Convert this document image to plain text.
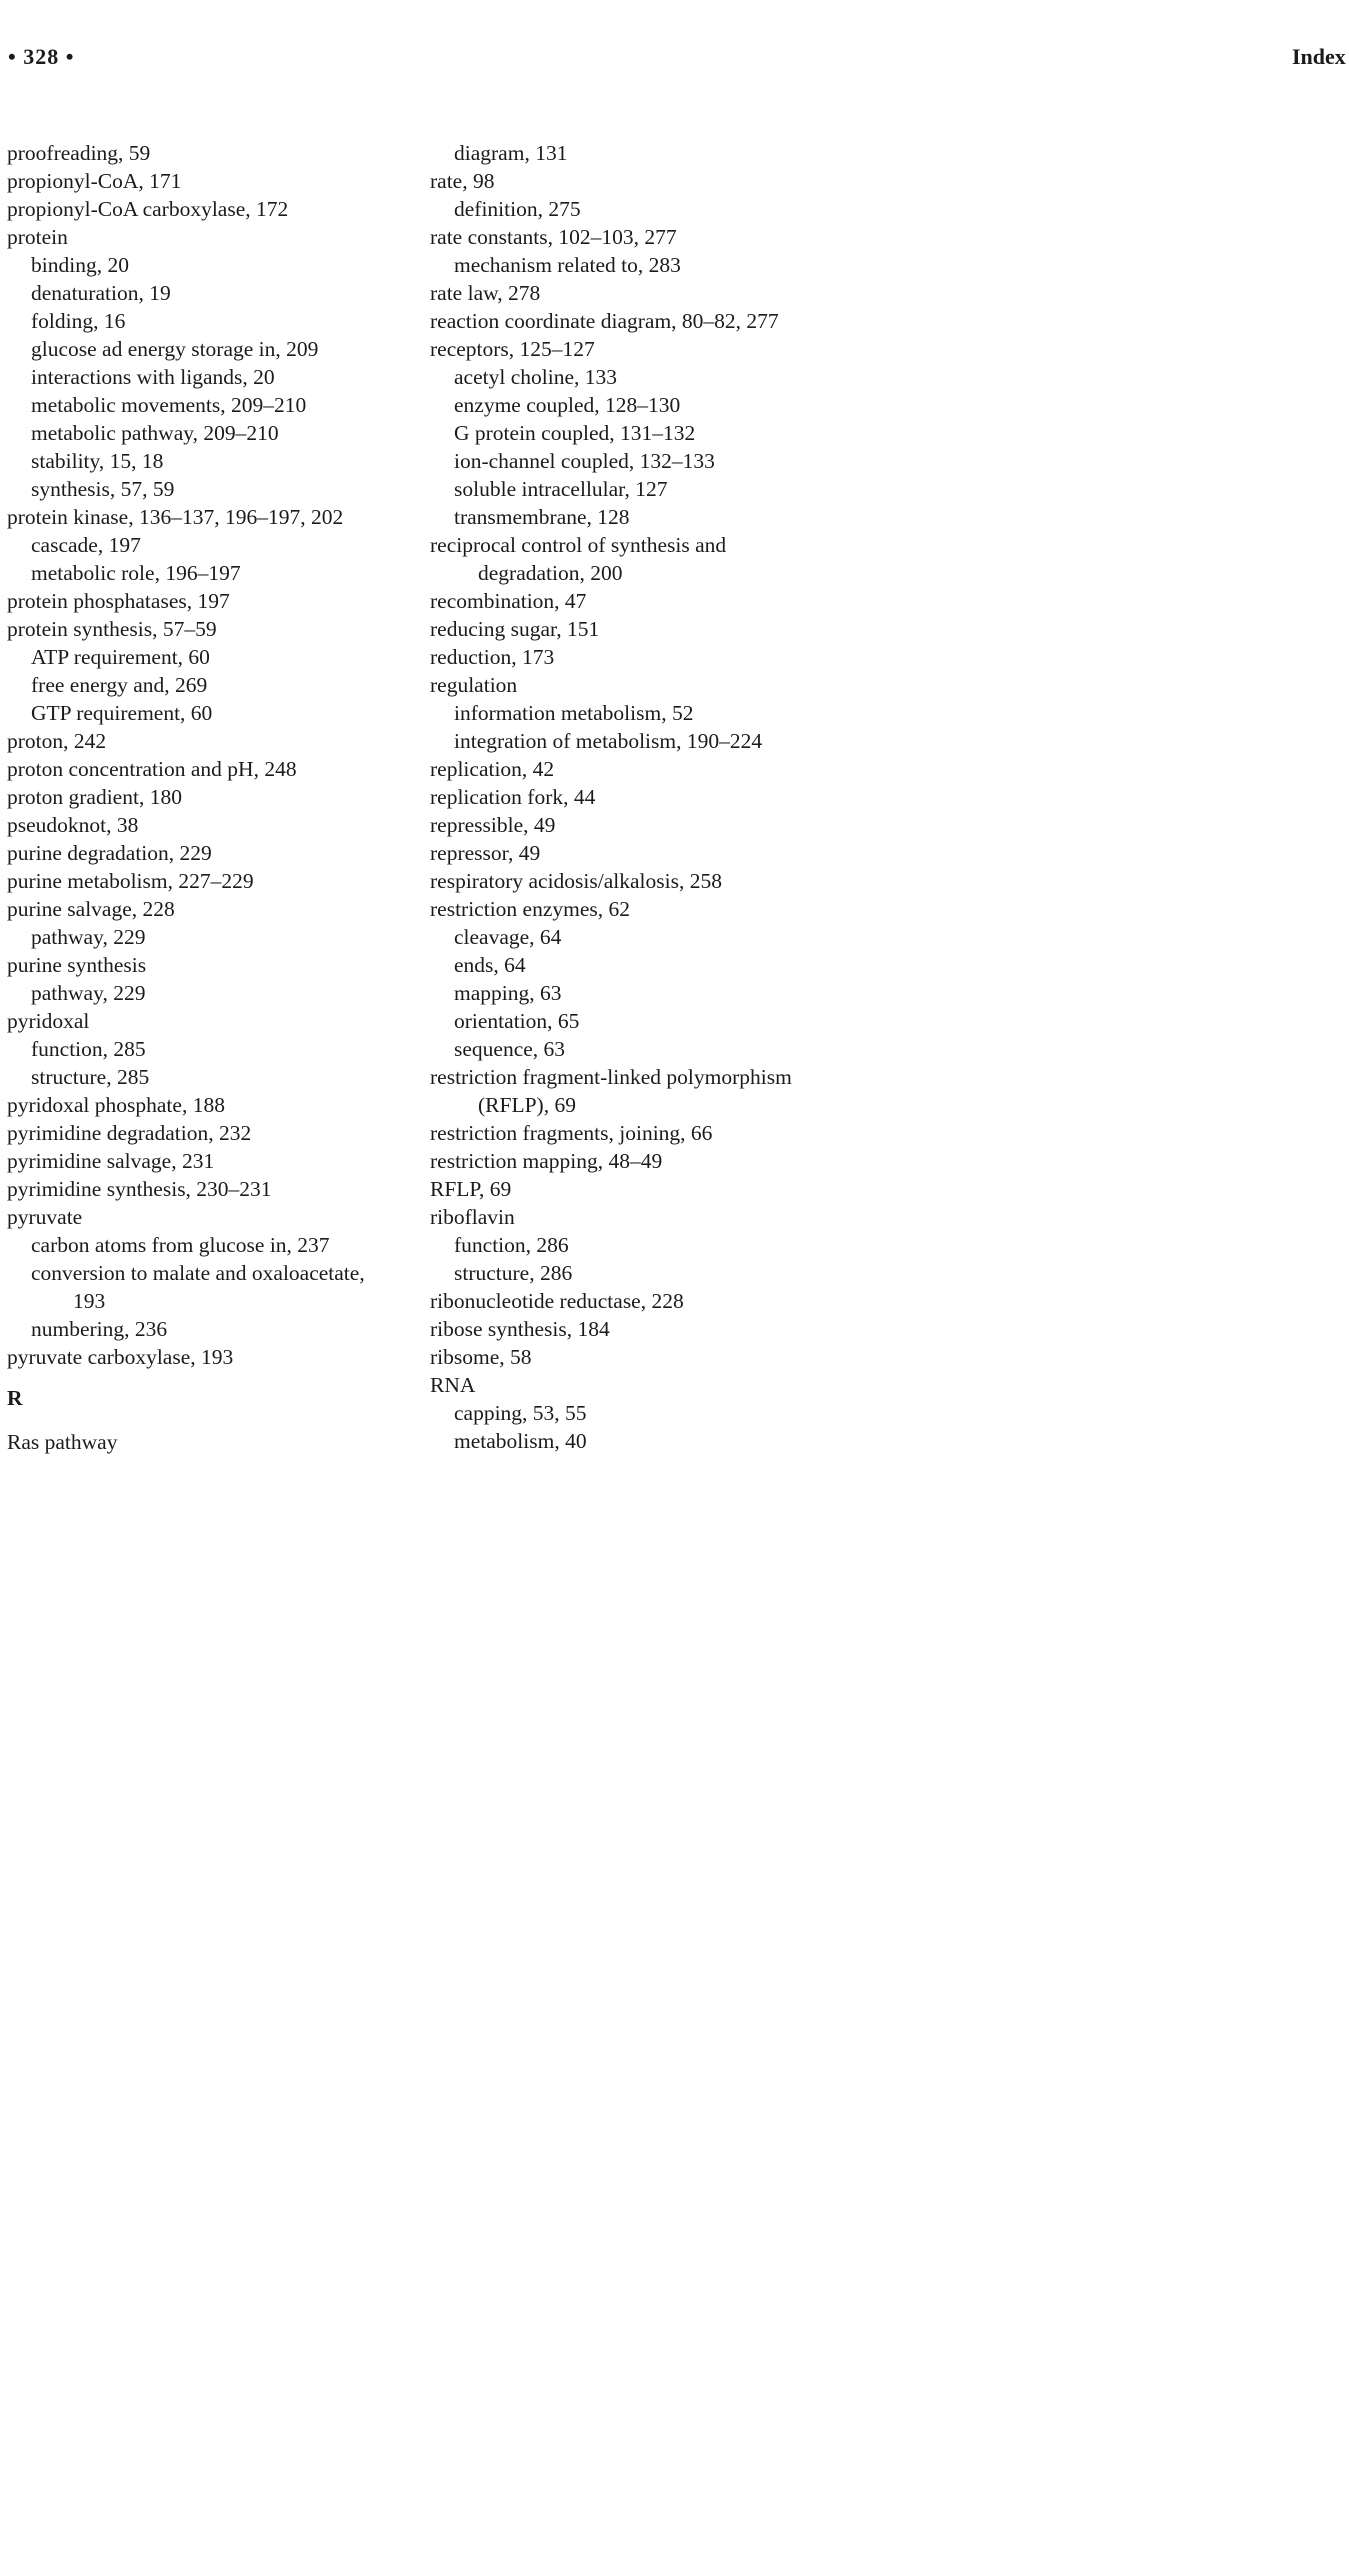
• 328 •	Index
proofreading, 59
propionyl-CoA, 171
propionyl-CoA carboxylase, 172
protein
binding, 20
denaturation, 19
folding, 16
glucose ad energy storage in, 209
interactions with ligands, 20
metabolic movements, 209–210
metabolic pathway, 209–210
stability, 15, 18
synthesis, 57, 59
protein kinase, 136–137, 196–197, 202
cascade, 197
metabolic role, 196–197
protein phosphatases, 197
protein synthesis, 57–59
ATP requirement, 60
free energy and, 269
GTP requirement, 60
proton, 242
proton concentration and pH, 248
proton gradient, 180
pseudoknot, 38
purine degradation, 229
purine metabolism, 227–229
purine salvage, 228
pathway, 229
purine synthesis
pathway, 229
pyridoxal
function, 285
structure, 285
pyridoxal phosphate, 188
pyrimidine degradation, 232
pyrimidine salvage, 231
pyrimidine synthesis, 230–231
pyruvate
carbon atoms from glucose in, 237
conversion to malate and oxaloacetate,
193
numbering, 236
pyruvate carboxylase, 193
R
Ras pathway
diagram, 131
rate, 98
definition, 275
rate constants, 102–103, 277
mechanism related to, 283
rate law, 278
reaction coordinate diagram, 80–82, 277
receptors, 125–127
acetyl choline, 133
enzyme coupled, 128–130
G protein coupled, 131–132
ion-channel coupled, 132–133
soluble intracellular, 127
transmembrane, 128
reciprocal control of synthesis and
degradation, 200
recombination, 47
reducing sugar, 151
reduction, 173
regulation
information metabolism, 52
integration of metabolism, 190–224
replication, 42
replication fork, 44
repressible, 49
repressor, 49
respiratory acidosis/alkalosis, 258
restriction enzymes, 62
cleavage, 64
ends, 64
mapping, 63
orientation, 65
sequence, 63
restriction fragment-linked polymorphism
(RFLP), 69
restriction fragments, joining, 66
restriction mapping, 48–49
RFLP, 69
riboflavin
function, 286
structure, 286
ribonucleotide reductase, 228
ribose synthesis, 184
ribsome, 58
RNA
capping, 53, 55
metabolism, 40
